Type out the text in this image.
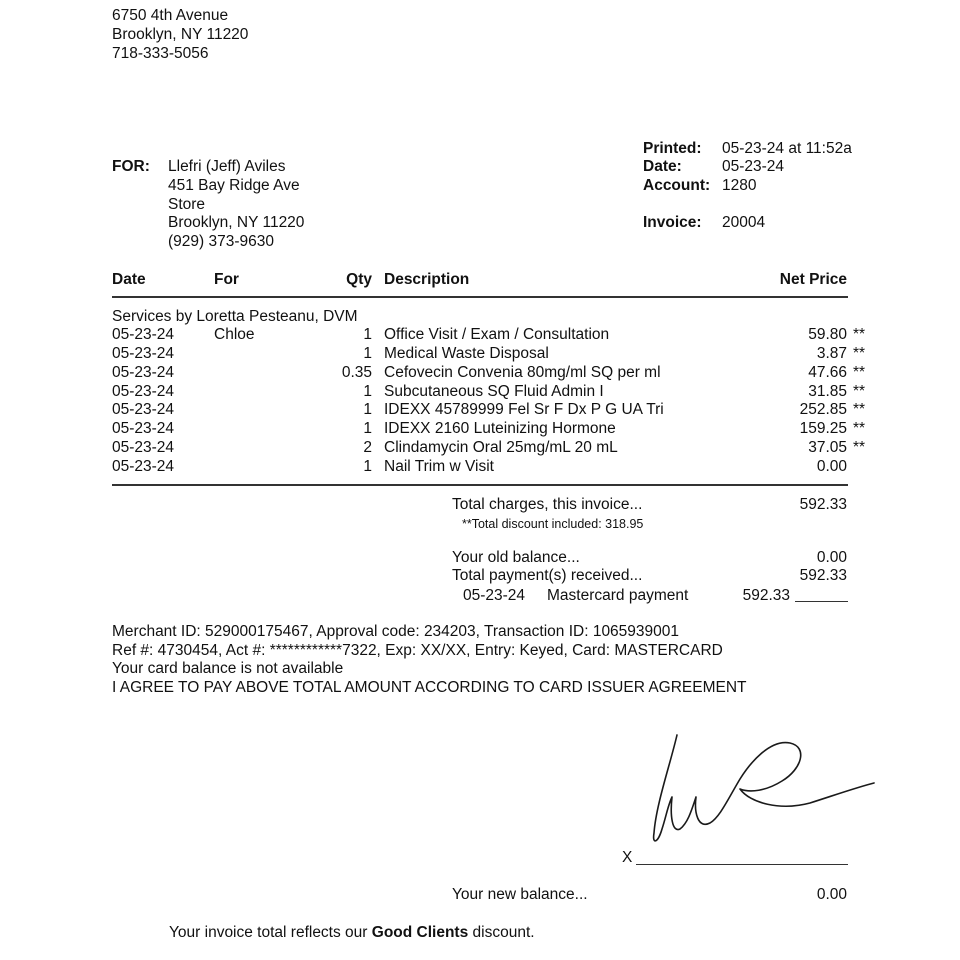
6750 4th Avenue
Brooklyn, NY 11220
718-333-5056
FOR: Llefri (Jeff) Aviles
451 Bay Ridge Ave
Store
Brooklyn, NY 11220
(929) 373-9630
Printed: 05-23-24 at 11:52a
Date:	05-23-24
Account: 1280
Invoice: 20004
Date	For	Qty Description	Net Price
Services by Loretta Pesteanu, DVM
05-23-24	Chloe	1 Office Visit / Exam / Consultation	59.80 **
05-23-24	1 Medical Waste Disposal	3.87 **
05-23-24	0.35 Cefovecin Convenia 80mg/ml SQ per ml	47.66 **
05-23-24	1 Subcutaneous SQ Fluid Admin I	31.85 **
05-23-24	1 IDEXX 45789999 Fel Sr F Dx P G UA Tri	252.85 **
05-23-24	1 IDEXX 2160 Luteinizing Hormone	159.25 **
05-23-24	2 Clindamycin Oral 25mg/mL 20 mL	37.05 **
05-23-24	1 Nail Trim w Visit	0.00
Total charges, this invoice...	592.33
**Total discount included: 318.95
Your old balance...	0.00
Total payment(s) received...	592.33
05-23-24 Mastercard payment	592.33
Merchant ID: 529000175467, Approval code: 234203, Transaction ID: 1065939001
Ref #: 4730454, Act #: ************7322, Exp: XX/XX, Entry: Keyed, Card: MASTERCARD
Your card balance is not available
I AGREE TO PAY ABOVE TOTAL AMOUNT ACCORDING TO CARD ISSUER AGREEMENT
X
Your new balance...	0.00
Your invoice total reflects our Good Clients discount.
